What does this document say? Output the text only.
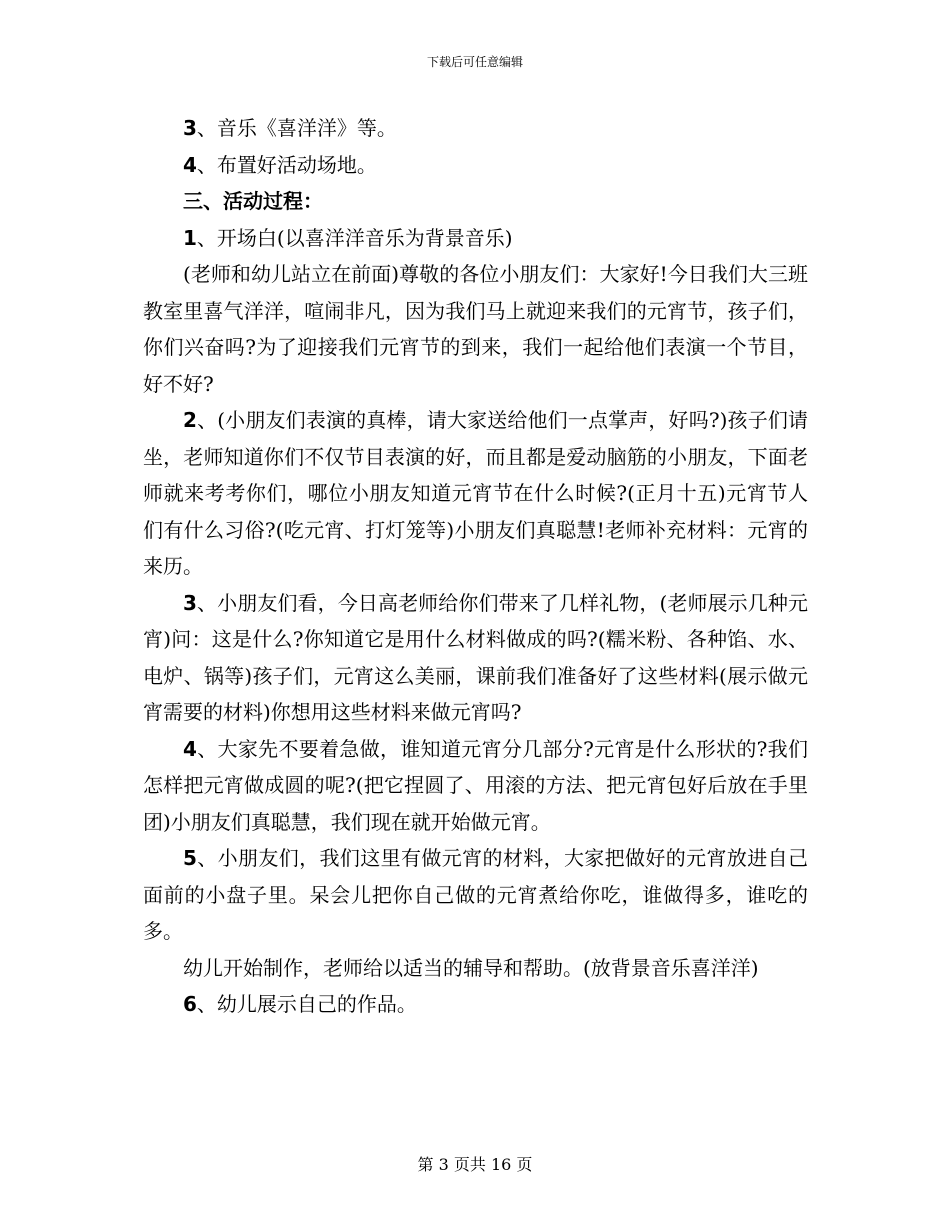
下载后可任意编辑

3、音乐《喜洋洋》等。

4、布置好活动场地。

三、活动过程：

1、开场白(以喜洋洋音乐为背景音乐)

(老师和幼儿站立在前面)尊敬的各位小朋友们：大家好!今日我们大三班教室里喜气洋洋，喧闹非凡，因为我们马上就迎来我们的元宵节，孩子们，你们兴奋吗?为了迎接我们元宵节的到来，我们一起给他们表演一个节目，好不好?

2、(小朋友们表演的真棒，请大家送给他们一点掌声，好吗?)孩子们请坐，老师知道你们不仅节目表演的好，而且都是爱动脑筋的小朋友，下面老师就来考考你们，哪位小朋友知道元宵节在什么时候?(正月十五)元宵节人们有什么习俗?(吃元宵、打灯笼等)小朋友们真聪慧!老师补充材料：元宵的来历。

3、小朋友们看，今日高老师给你们带来了几样礼物，(老师展示几种元宵)问：这是什么?你知道它是用什么材料做成的吗?(糯米粉、各种馅、水、电炉、锅等)孩子们，元宵这么美丽，课前我们准备好了这些材料(展示做元宵需要的材料)你想用这些材料来做元宵吗?

4、大家先不要着急做，谁知道元宵分几部分?元宵是什么形状的?我们怎样把元宵做成圆的呢?(把它捏圆了、用滚的方法、把元宵包好后放在手里团)小朋友们真聪慧，我们现在就开始做元宵。

5、小朋友们，我们这里有做元宵的材料，大家把做好的元宵放进自己面前的小盘子里。呆会儿把你自己做的元宵煮给你吃，谁做得多，谁吃的多。

幼儿开始制作，老师给以适当的辅导和帮助。(放背景音乐喜洋洋)

6、幼儿展示自己的作品。

第 3 页共 16 页
